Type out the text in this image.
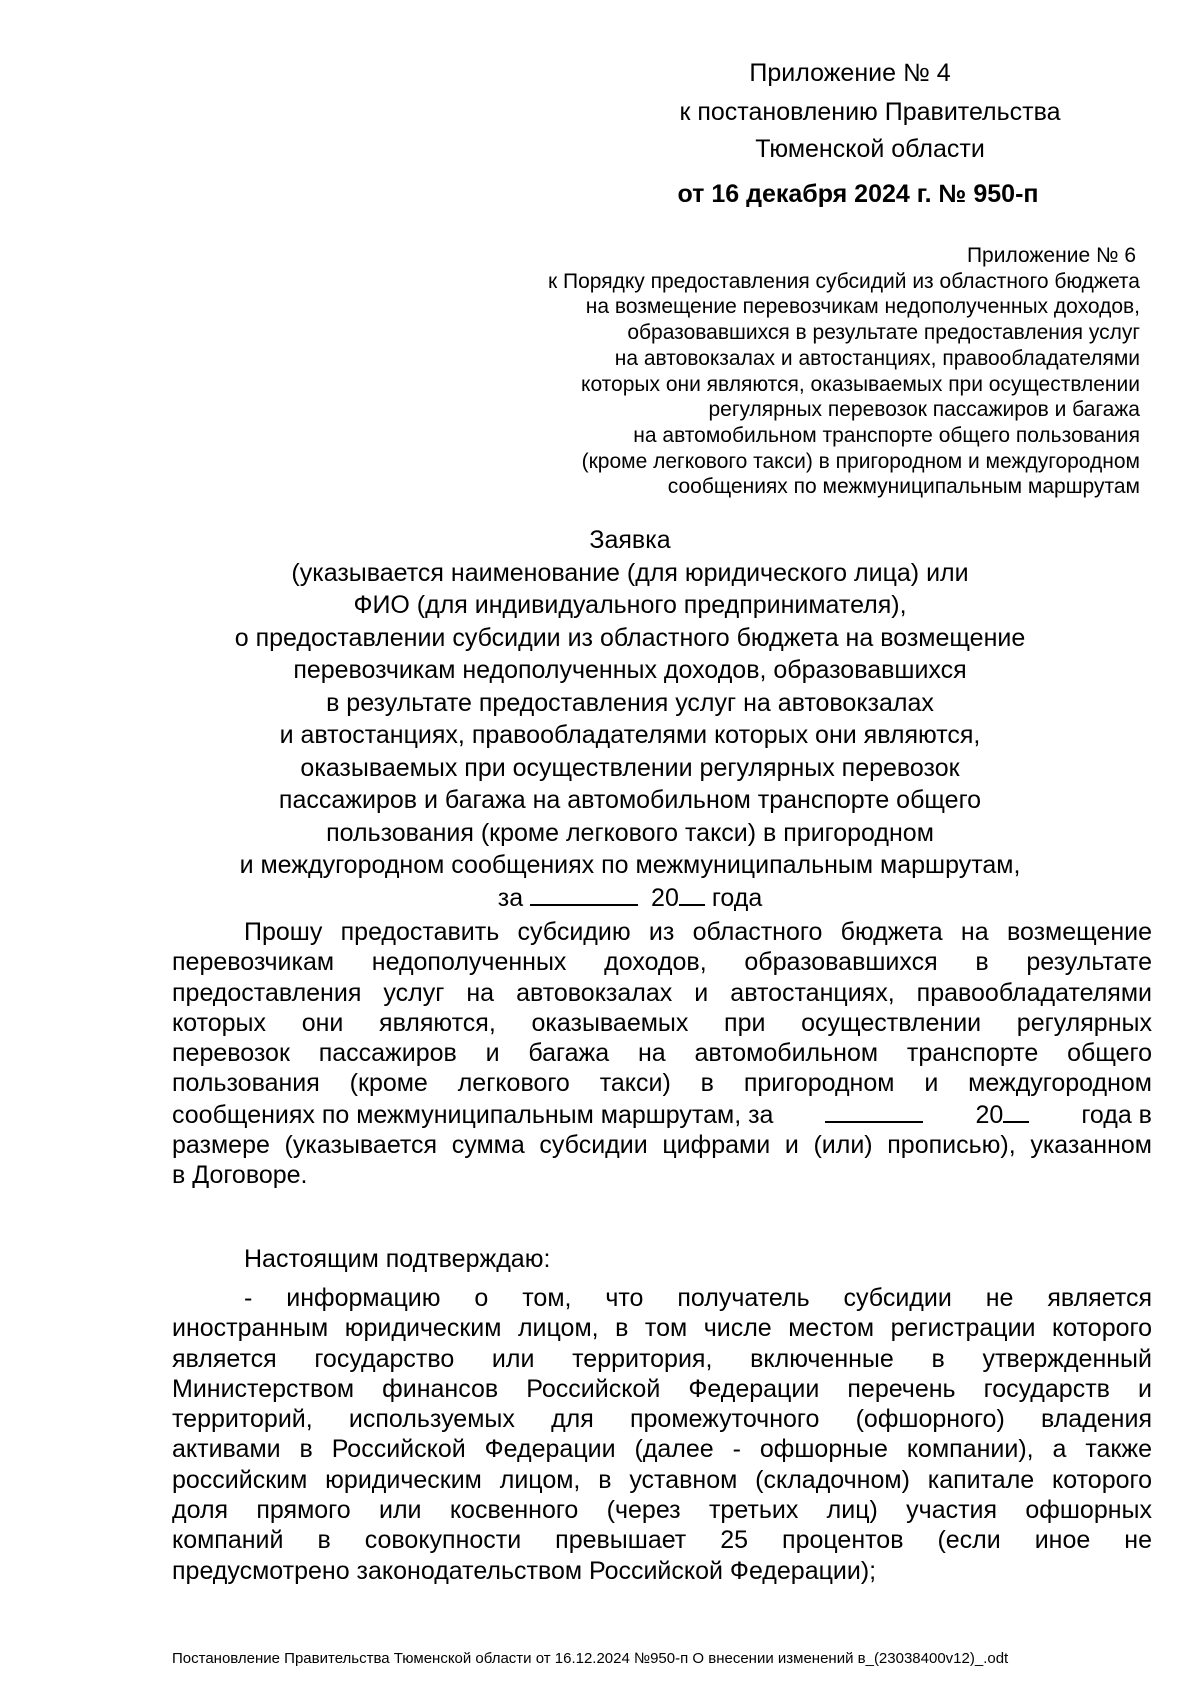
Приложение № 4
к постановлению Правительства
Тюменской области
от 16 декабря 2024 г. № 950-п
Приложение № 6
к Порядку предоставления субсидий из областного бюджета
на возмещение перевозчикам недополученных доходов,
образовавшихся в результате предоставления услуг
на автовокзалах и автостанциях, правообладателями
которых они являются, оказываемых при осуществлении
регулярных перевозок пассажиров и багажа
на автомобильном транспорте общего пользования
(кроме легкового такси) в пригородном и междугородном
сообщениях по межмуниципальным маршрутам
Заявка
(указывается наименование (для юридического лица) или
ФИО (для индивидуального предпринимателя),
о предоставлении субсидии из областного бюджета на возмещение
перевозчикам недополученных доходов, образовавшихся
в результате предоставления услуг на автовокзалах
и автостанциях, правообладателями которых они являются,
оказываемых при осуществлении регулярных перевозок
пассажиров и багажа на автомобильном транспорте общего
пользования (кроме легкового такси) в пригородном
и междугородном сообщениях по межмуниципальным маршрутам,
за	20 года
Прошу предоставить субсидию из областного бюджета на возмещение
перевозчикам недополученных доходов, образовавшихся в результате
предоставления услуг на автовокзалах и автостанциях, правообладателями
которых они являются, оказываемых при осуществлении регулярных
перевозок пассажиров и багажа на автомобильном транспорте общего
пользования (кроме легкового такси) в пригородном и междугородном
сообщениях по межмуниципальным маршрутам, за	20	года в
размере (указывается сумма субсидии цифрами и (или) прописью), указанном
в Договоре.
Настоящим подтверждаю:
- информацию о том, что получатель субсидии не является
иностранным юридическим лицом, в том числе местом регистрации которого
является государство или территория, включенные в утвержденный
Министерством финансов Российской Федерации перечень государств и
территорий, используемых для промежуточного (офшорного) владения
активами в Российской Федерации (далее - офшорные компании), а также
российским юридическим лицом, в уставном (складочном) капитале которого
доля прямого или косвенного (через третьих лиц) участия офшорных
компаний в совокупности превышает 25 процентов (если иное не
предусмотрено законодательством Российской Федерации);
Постановление Правительства Тюменской области от 16.12.2024 №950-п О внесении изменений в_(23038400v12)_.odt
